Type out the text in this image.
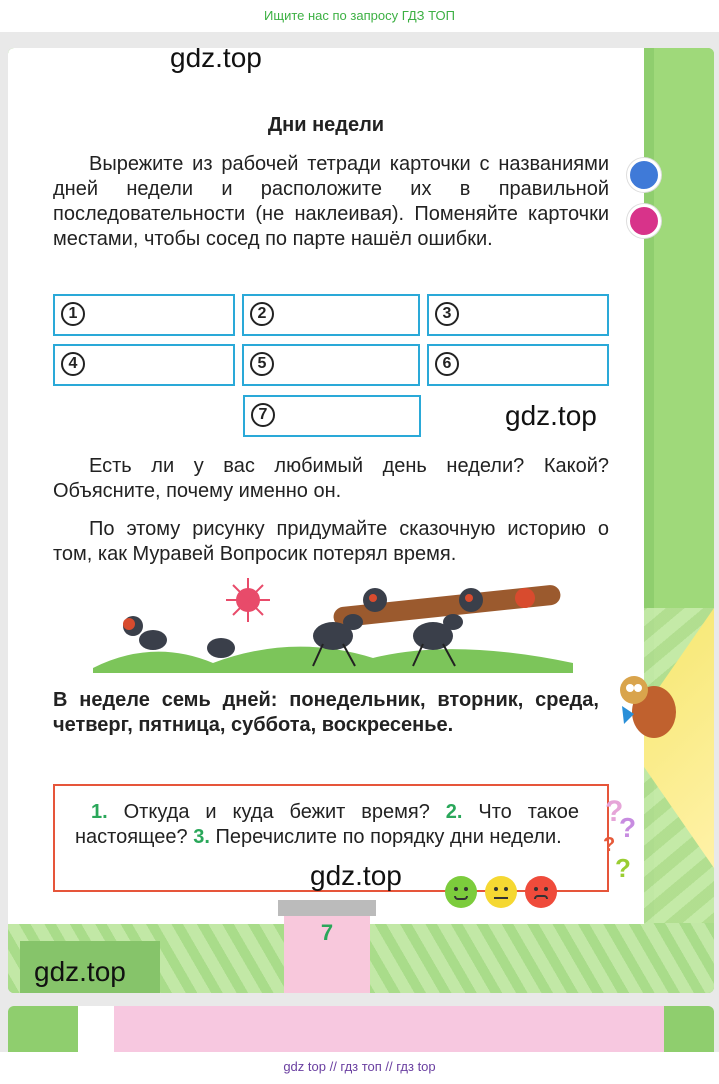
Ищите нас по запросу ГДЗ ТОП
gdz.top
Дни недели
Вырежите из рабочей тетради карточки с названиями дней недели и расположите их в правильной последовательности (не наклеивая). Поменяйте карточки местами, чтобы сосед по парте нашёл ошибки.
1	2	3
4	5	6
7	gdz.top
Есть ли у вас любимый день недели? Какой? Объясните, почему именно он.
По этому рисунку придумайте сказочную историю о том, как Муравей Вопросик потерял время.
В неделе семь дней: понедельник, вторник, среда, четверг, пятница, суббота, воскресенье.
1. Откуда и куда бежит время? 2. Что такое настоящее? 3. Перечислите по порядку дни недели.
gdz.top
?
?
?
?
7
gdz.top
gdz top // гдз топ // гдз top
